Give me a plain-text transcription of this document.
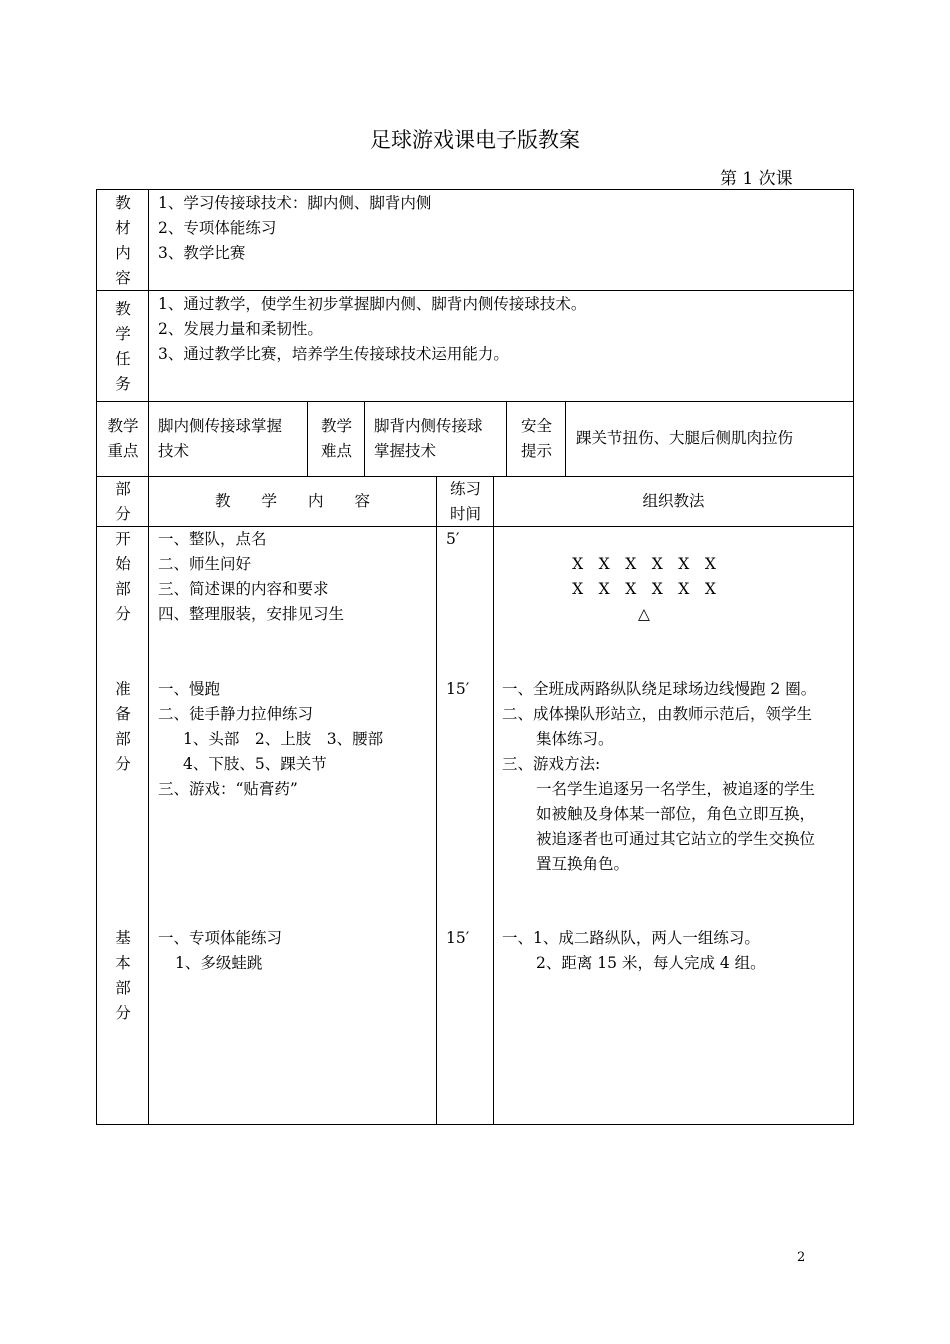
足球游戏课电子版教案
第 1 次课
教
材
内
容
1、学习传接球技术：脚内侧、脚背内侧
2、专项体能练习
3、教学比赛
教
学
任
务
1、通过教学，使学生初步掌握脚内侧、脚背内侧传接球技术。
2、发展力量和柔韧性。
3、通过教学比赛，培养学生传接球技术运用能力。
教学
重点
脚内侧传接球掌握
技术
教学
难点
脚背内侧传接球
掌握技术
安全
提示
踝关节扭伤、大腿后侧肌肉拉伤
部
分
教　　学　　内　　容
练习
时间
组织教法
开
始
部
分
一、整队，点名
二、师生问好
三、简述课的内容和要求
四、整理服装，安排见习生
5′
X　X　X　X　X　X
X　X　X　X　X　X
△
准
备
部
分
一、慢跑
二、徒手静力拉伸练习
1、头部　2、上肢　3、腰部
4、下肢、5、踝关节
三、游戏：“贴膏药”
15′ 一、全班成两路纵队绕足球场边线慢跑 2 圈。
二、成体操队形站立，由教师示范后，领学生
集体练习。
三、游戏方法:
一名学生追逐另一名学生，被追逐的学生
如被触及身体某一部位，角色立即互换，
被追逐者也可通过其它站立的学生交换位
置互换角色。
基
本
部
分
一、专项体能练习
1、多级蛙跳
15′ 一、1、成二路纵队，两人一组练习。
2、距离 15 米，每人完成 4 组。
2
